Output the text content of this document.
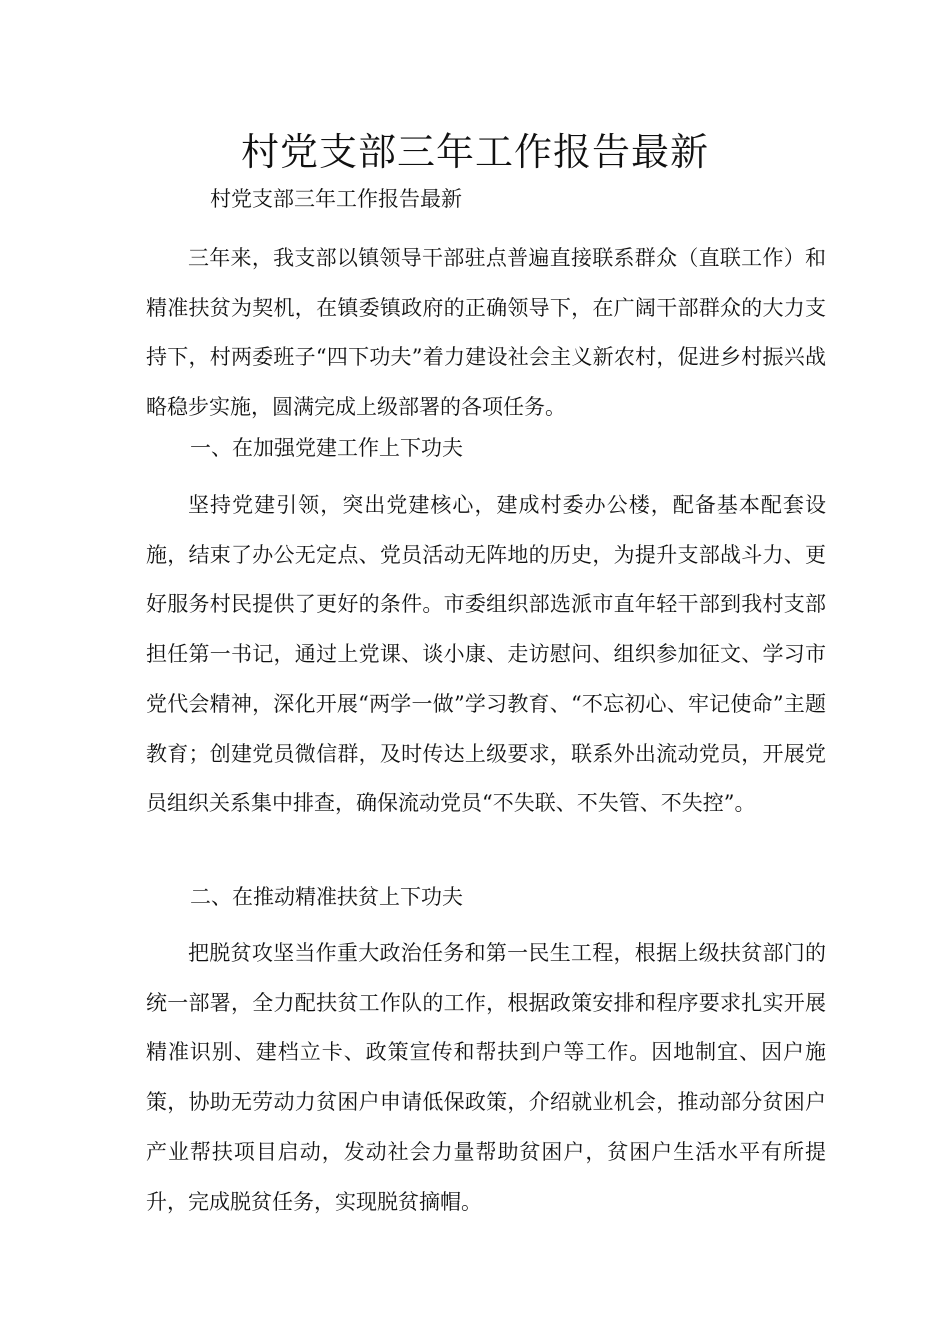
村党支部三年工作报告最新

村党支部三年工作报告最新

三年来，我支部以镇领导干部驻点普遍直接联系群众（直联工作）和精准扶贫为契机，在镇委镇政府的正确领导下，在广阔干部群众的大力支持下，村两委班子“四下功夫”着力建设社会主义新农村，促进乡村振兴战略稳步实施，圆满完成上级部署的各项任务。

一、在加强党建工作上下功夫

坚持党建引领，突出党建核心，建成村委办公楼，配备基本配套设施，结束了办公无定点、党员活动无阵地的历史，为提升支部战斗力、更好服务村民提供了更好的条件。市委组织部选派市直年轻干部到我村支部担任第一书记，通过上党课、谈小康、走访慰问、组织参加征文、学习市党代会精神，深化开展“两学一做”学习教育、“不忘初心、牢记使命”主题教育；创建党员微信群，及时传达上级要求，联系外出流动党员，开展党员组织关系集中排查，确保流动党员“不失联、不失管、不失控”。

二、在推动精准扶贫上下功夫

把脱贫攻坚当作重大政治任务和第一民生工程，根据上级扶贫部门的统一部署，全力配扶贫工作队的工作，根据政策安排和程序要求扎实开展精准识别、建档立卡、政策宣传和帮扶到户等工作。因地制宜、因户施策，协助无劳动力贫困户申请低保政策，介绍就业机会，推动部分贫困户产业帮扶项目启动，发动社会力量帮助贫困户，贫困户生活水平有所提升，完成脱贫任务，实现脱贫摘帽。
